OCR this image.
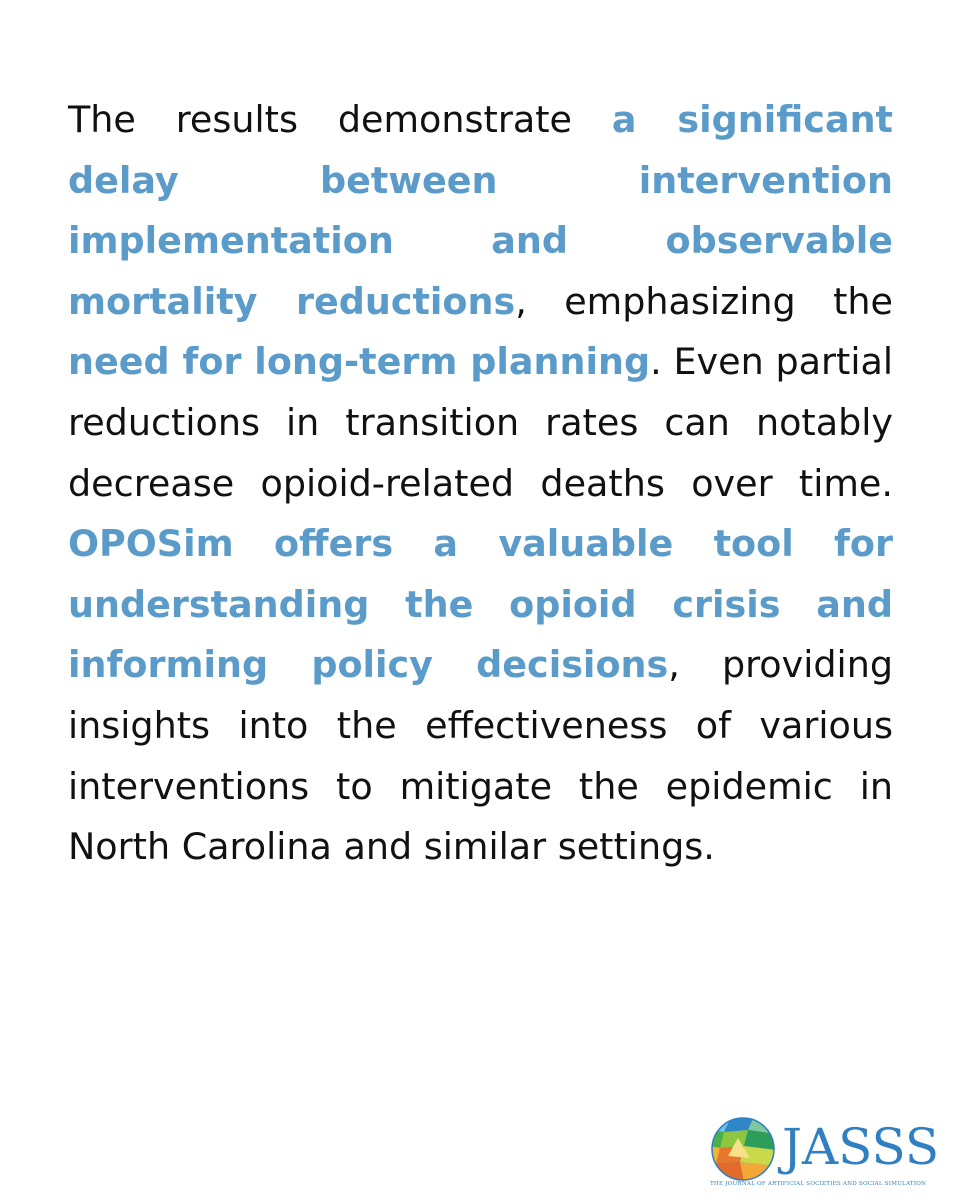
The results demonstrate a significant delay between intervention implementation and observable mortality reductions, emphasizing the need for long-term planning. Even partial reductions in transition rates can notably decrease opioid-related deaths over time. OPOSim offers a valuable tool for understanding the opioid crisis and informing policy decisions, providing insights into the effectiveness of various interventions to mitigate the epidemic in North Carolina and similar settings.
JASSS
THE JOURNAL OF ARTIFICIAL SOCIETIES AND SOCIAL SIMULATION
